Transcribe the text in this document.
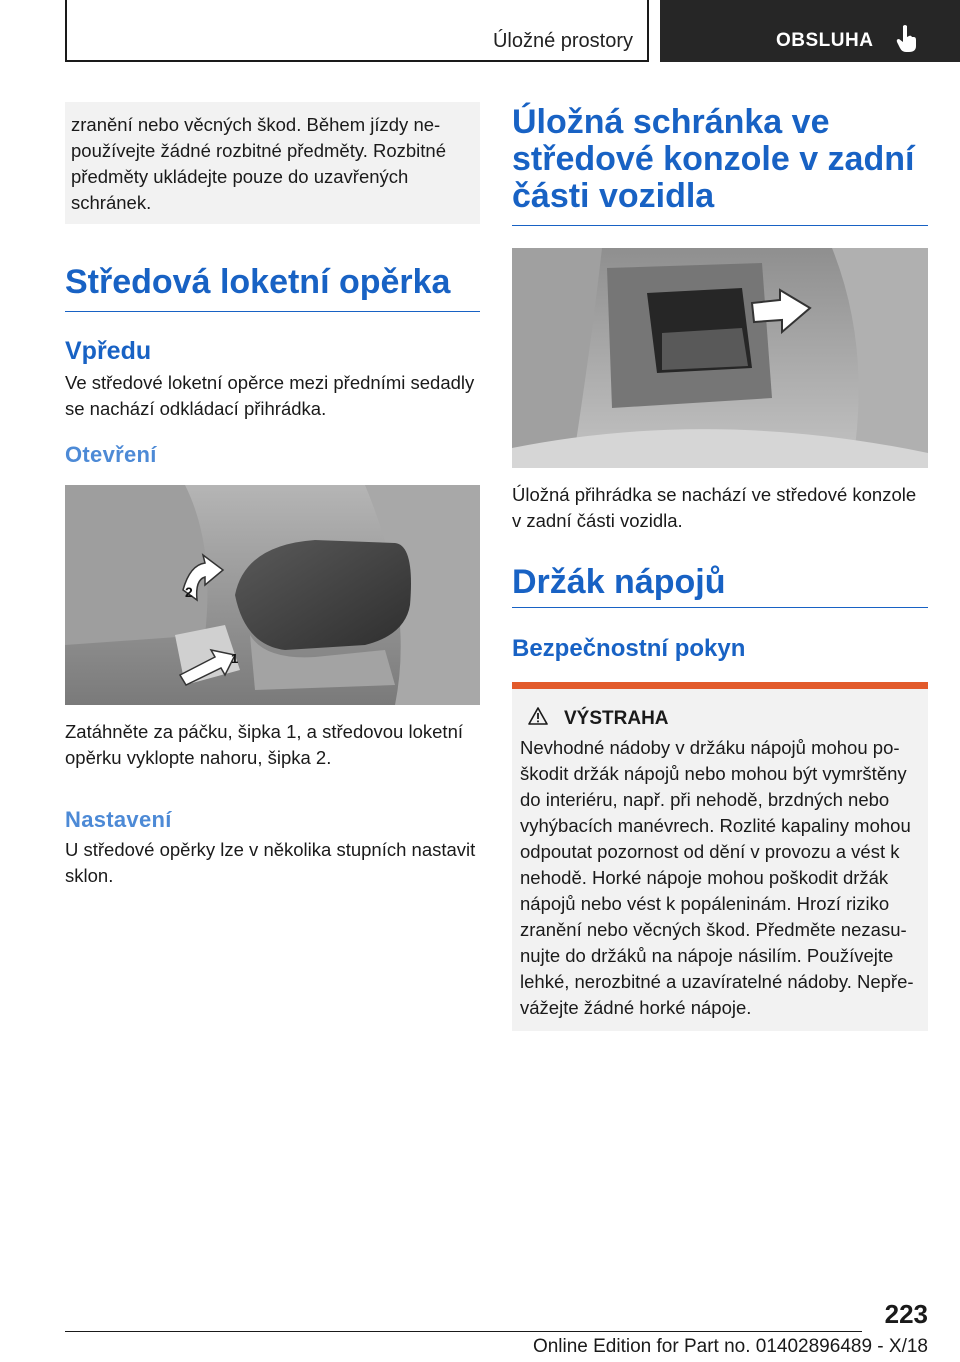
Úložné prostory	OBSLUHA

zranění nebo věcných škod. Během jízdy nepoužívejte žádné rozbitné předměty. Rozbitné předměty ukládejte pouze do uzavřených schránek.

Středová loketní opěrka
Vpředu

Ve středové loketní opěrce mezi předními sedadly se nachází odkládací přihrádka.

Otevření
1
2

Zatáhněte za páčku, šipka 1, a středovou loketní opěrku vyklopte nahoru, šipka 2.

Nastavení

U středové opěrky lze v několika stupních nastavit sklon.

Úložná schránka ve středové konzole v zadní části vozidla

Úložná přihrádka se nachází ve středové konzole v zadní části vozidla.

Držák nápojů
Bezpečnostní pokyn
VÝSTRAHA

Nevhodné nádoby v držáku nápojů mohou poškodit držák nápojů nebo mohou být vymrštěny do interiéru, např. při nehodě, brzdných nebo vyhýbacích manévrech. Rozlité kapaliny mohou odpoutat pozornost od dění v provozu a vést k nehodě. Horké nápoje mohou poškodit držák nápojů nebo vést k popáleninám. Hrozí riziko zranění nebo věcných škod. Předměte nezasunujte do držáků na nápoje násilím. Používejte lehké, nerozbitné a uzavíratelné nádoby. Nepřevážejte žádné horké nápoje.

223
Online Edition for Part no. 01402896489 - X/18
